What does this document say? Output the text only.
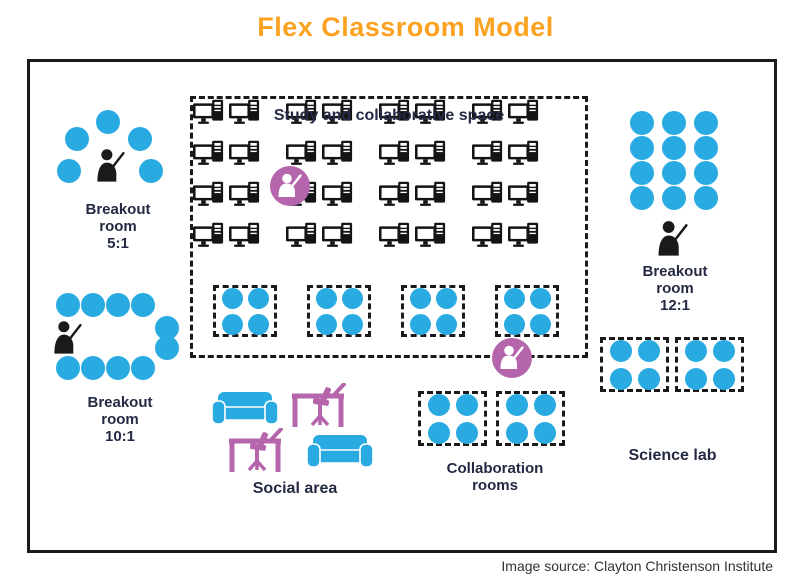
Flex Classroom Model
Breakout
room
5:1
Breakout
room
10:1
Breakout
room
12:1
Study and collaborative space
Social area
Collaboration
rooms
Science lab
Image source: Clayton Christenson Institute
